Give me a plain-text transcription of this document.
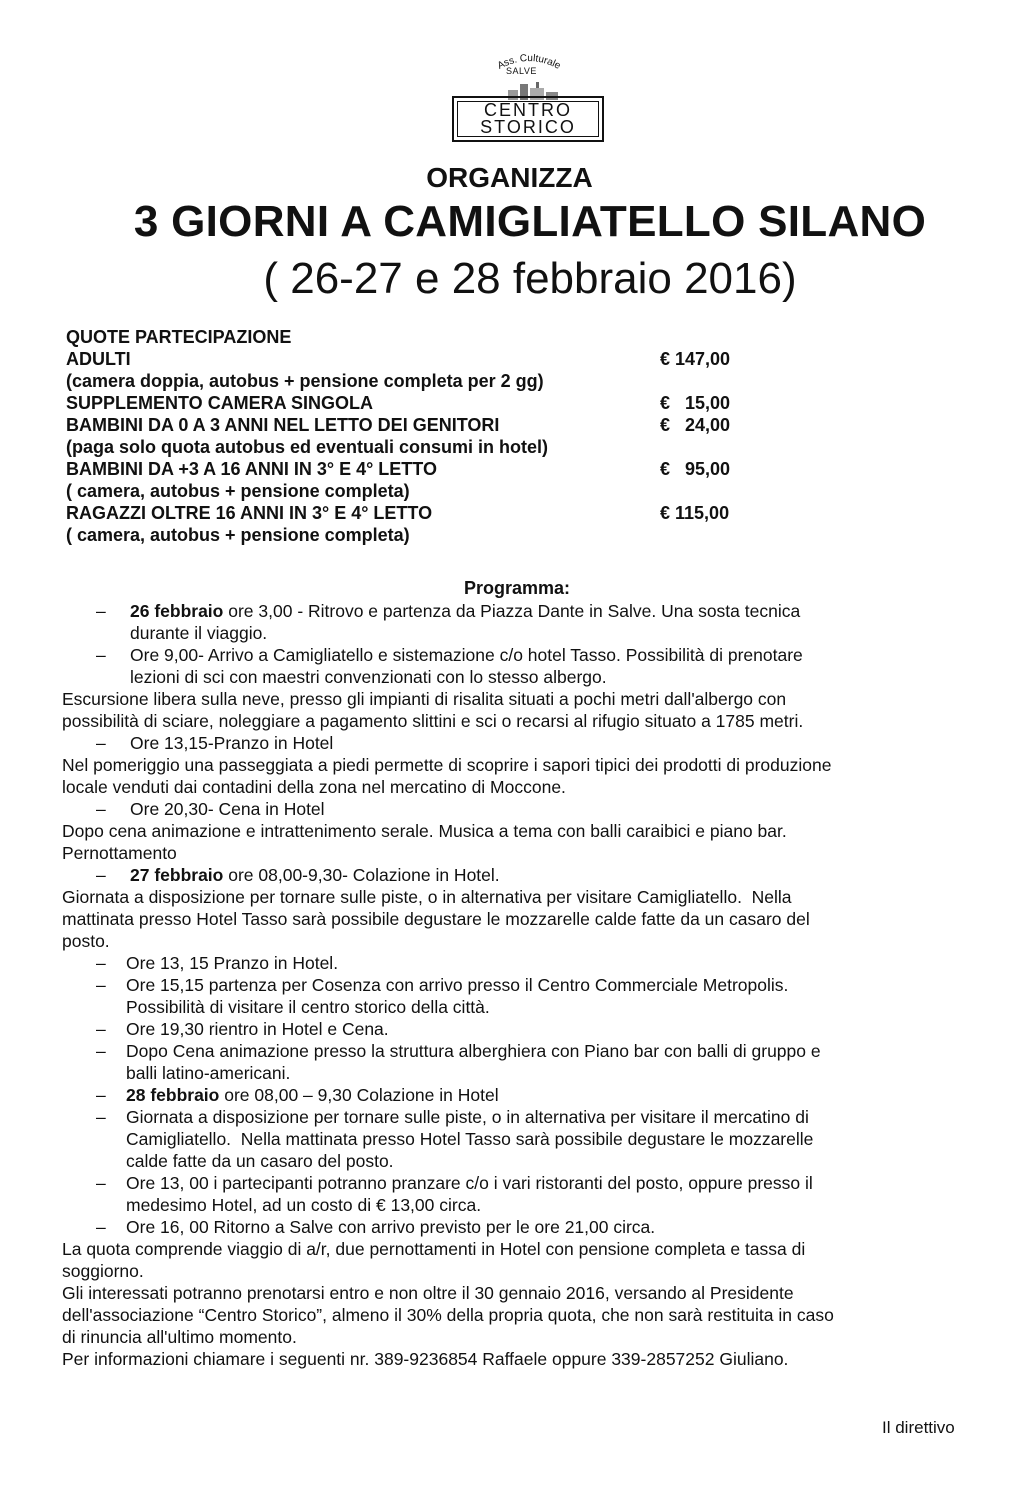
Ass. Culturale
SALVE
CENTRO
STORICO
ORGANIZZA
3 GIORNI A CAMIGLIATELLO SILANO
( 26-27 e 28 febbraio 2016)
QUOTE PARTECIPAZIONE
ADULTI	€ 147,00
(camera doppia, autobus + pensione completa per 2 gg)
SUPPLEMENTO CAMERA SINGOLA	€   15,00
BAMBINI DA 0 A 3 ANNI NEL LETTO DEI GENITORI	€   24,00
(paga solo quota autobus ed eventuali consumi in hotel)
BAMBINI DA +3 A 16 ANNI IN 3° E 4° LETTO	€   95,00
( camera, autobus + pensione completa)
RAGAZZI OLTRE 16 ANNI IN 3° E 4° LETTO	€ 115,00
( camera, autobus + pensione completa)
Programma:
– 26 febbraio ore 3,00 - Ritrovo e partenza da Piazza Dante in Salve. Una sosta tecnica
durante il viaggio.
– Ore 9,00- Arrivo a Camigliatello e sistemazione c/o hotel Tasso. Possibilità di prenotare
lezioni di sci con maestri convenzionati con lo stesso albergo.
Escursione libera sulla neve, presso gli impianti di risalita situati a pochi metri dall'albergo con
possibilità di sciare, noleggiare a pagamento slittini e sci o recarsi al rifugio situato a 1785 metri.
– Ore 13,15-Pranzo in Hotel
Nel pomeriggio una passeggiata a piedi permette di scoprire i sapori tipici dei prodotti di produzione
locale venduti dai contadini della zona nel mercatino di Moccone.
– Ore 20,30- Cena in Hotel
Dopo cena animazione e intrattenimento serale. Musica a tema con balli caraibici e piano bar.
Pernottamento
– 27 febbraio ore 08,00-9,30- Colazione in Hotel.
Giornata a disposizione per tornare sulle piste, o in alternativa per visitare Camigliatello.  Nella
mattinata presso Hotel Tasso sarà possibile degustare le mozzarelle calde fatte da un casaro del
posto.
– Ore 13, 15 Pranzo in Hotel.
– Ore 15,15 partenza per Cosenza con arrivo presso il Centro Commerciale Metropolis.
Possibilità di visitare il centro storico della città.
– Ore 19,30 rientro in Hotel e Cena.
– Dopo Cena animazione presso la struttura alberghiera con Piano bar con balli di gruppo e
balli latino-americani.
– 28 febbraio ore 08,00 – 9,30 Colazione in Hotel
– Giornata a disposizione per tornare sulle piste, o in alternativa per visitare il mercatino di
Camigliatello.  Nella mattinata presso Hotel Tasso sarà possibile degustare le mozzarelle
calde fatte da un casaro del posto.
– Ore 13, 00 i partecipanti potranno pranzare c/o i vari ristoranti del posto, oppure presso il
medesimo Hotel, ad un costo di € 13,00 circa.
– Ore 16, 00 Ritorno a Salve con arrivo previsto per le ore 21,00 circa.
La quota comprende viaggio di a/r, due pernottamenti in Hotel con pensione completa e tassa di
soggiorno.
Gli interessati potranno prenotarsi entro e non oltre il 30 gennaio 2016, versando al Presidente
dell'associazione “Centro Storico”, almeno il 30% della propria quota, che non sarà restituita in caso
di rinuncia all'ultimo momento.
Per informazioni chiamare i seguenti nr. 389-9236854 Raffaele oppure 339-2857252 Giuliano.
Il direttivo
